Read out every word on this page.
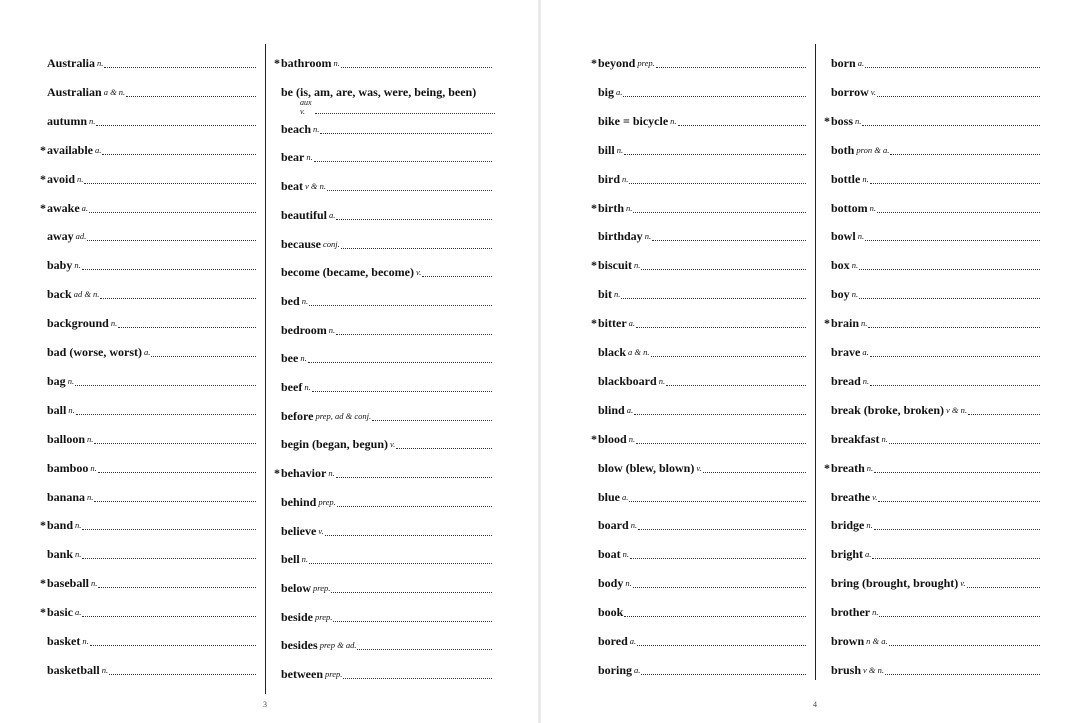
Australia n.
Australian a & n.
autumn n.
* available a.
* avoid n.
* awake a.
away ad.
baby n.
back ad & n.
background n.
bad (worse, worst) a.
bag n.
ball n.
balloon n.
bamboo n.
banana n.
* band n.
bank n.
* baseball n.
* basic a.
basket n.
basketball n.
* bathroom n.
be (is, am, are, was, were, being, been)
aux v.
beach n.
bear n.
beat v & n.
beautiful a.
because conj.
become (became, become) v.
bed n.
bedroom n.
bee n.
beef n.
before prep, ad & conj.
begin (began, begun) v.
* behavior n.
behind prep.
believe v.
bell n.
below prep.
beside prep.
besides prep & ad.
between prep.
3
* beyond prep.
big a.
bike = bicycle n.
bill n.
bird n.
* birth n.
birthday n.
* biscuit n.
bit n.
* bitter a.
black a & n.
blackboard n.
blind a.
* blood n.
blow (blew, blown) v.
blue a.
board n.
boat n.
body n.
book
bored a.
boring a.
born a.
borrow v.
* boss n.
both pron & a.
bottle n.
bottom n.
bowl n.
box n.
boy n.
* brain n.
brave a.
bread n.
break (broke, broken) v & n.
breakfast n.
* breath n.
breathe v.
bridge n.
bright a.
bring (brought, brought) v.
brother n.
brown n & a.
brush v & n.
4
